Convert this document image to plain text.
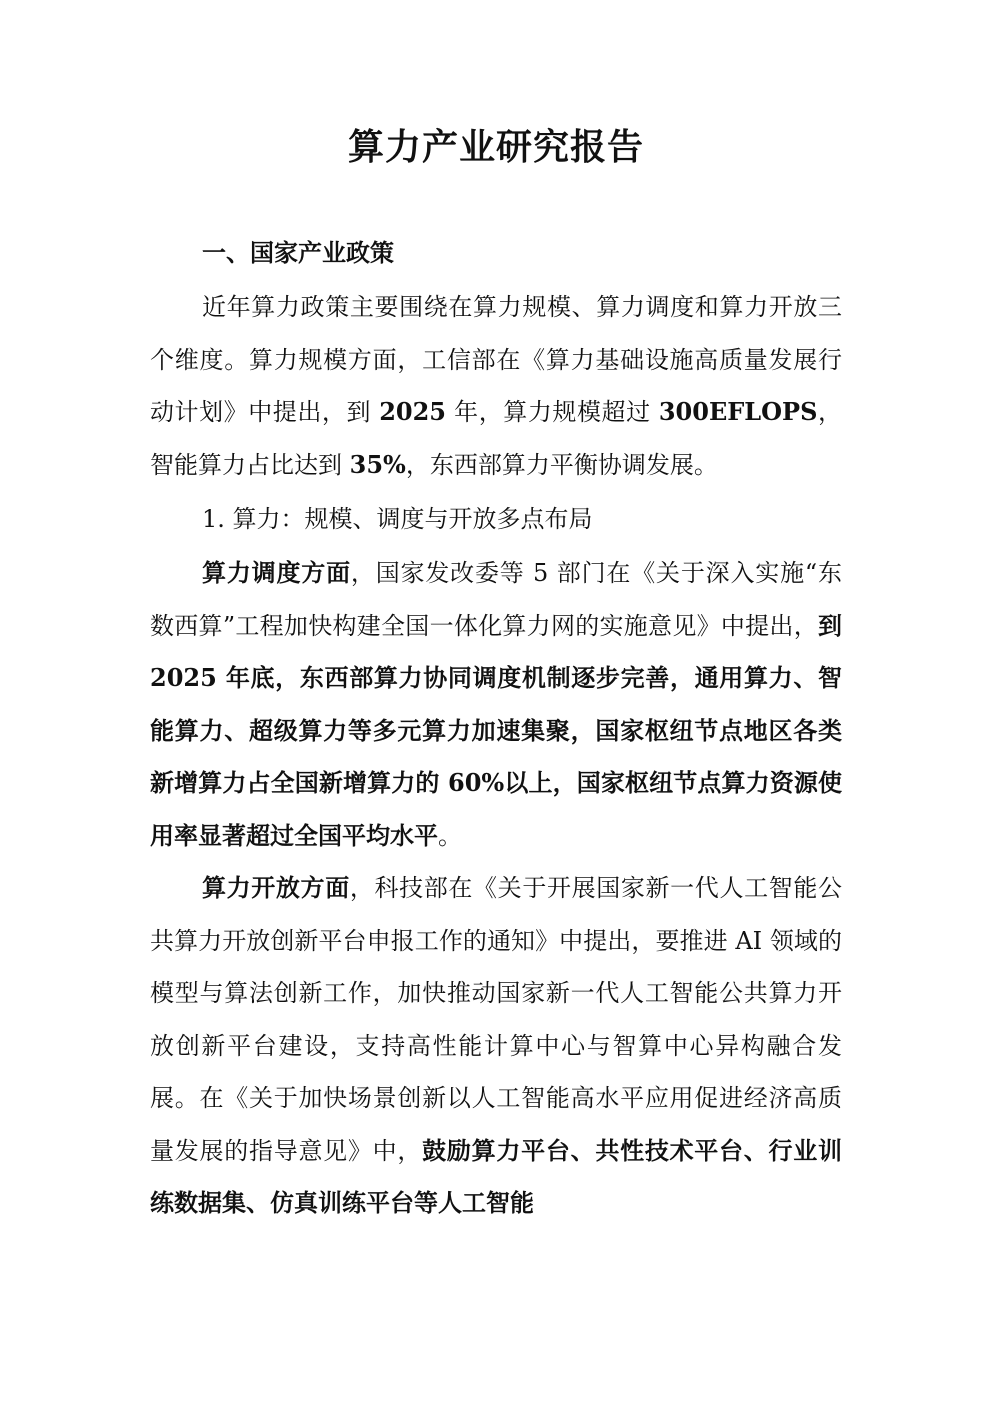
算力产业研究报告
一、国家产业政策

近年算力政策主要围绕在算力规模、算力调度和算力开放三个维度。算力规模方面，工信部在《算力基础设施高质量发展行动计划》中提出，到 2025 年，算力规模超过 300EFLOPS，智能算力占比达到 35%，东西部算力平衡协调发展。

1. 算力：规模、调度与开放多点布局

算力调度方面，国家发改委等 5 部门在《关于深入实施“东数西算”工程加快构建全国一体化算力网的实施意见》中提出，到 2025 年底，东西部算力协同调度机制逐步完善，通用算力、智能算力、超级算力等多元算力加速集聚，国家枢纽节点地区各类新增算力占全国新增算力的 60%以上，国家枢纽节点算力资源使用率显著超过全国平均水平。

算力开放方面，科技部在《关于开展国家新一代人工智能公共算力开放创新平台申报工作的通知》中提出，要推进 AI 领域的模型与算法创新工作，加快推动国家新一代人工智能公共算力开放创新平台建设，支持高性能计算中心与智算中心异构融合发展。在《关于加快场景创新以人工智能高水平应用促进经济高质量发展的指导意见》中，鼓励算力平台、共性技术平台、行业训练数据集、仿真训练平台等人工智能
